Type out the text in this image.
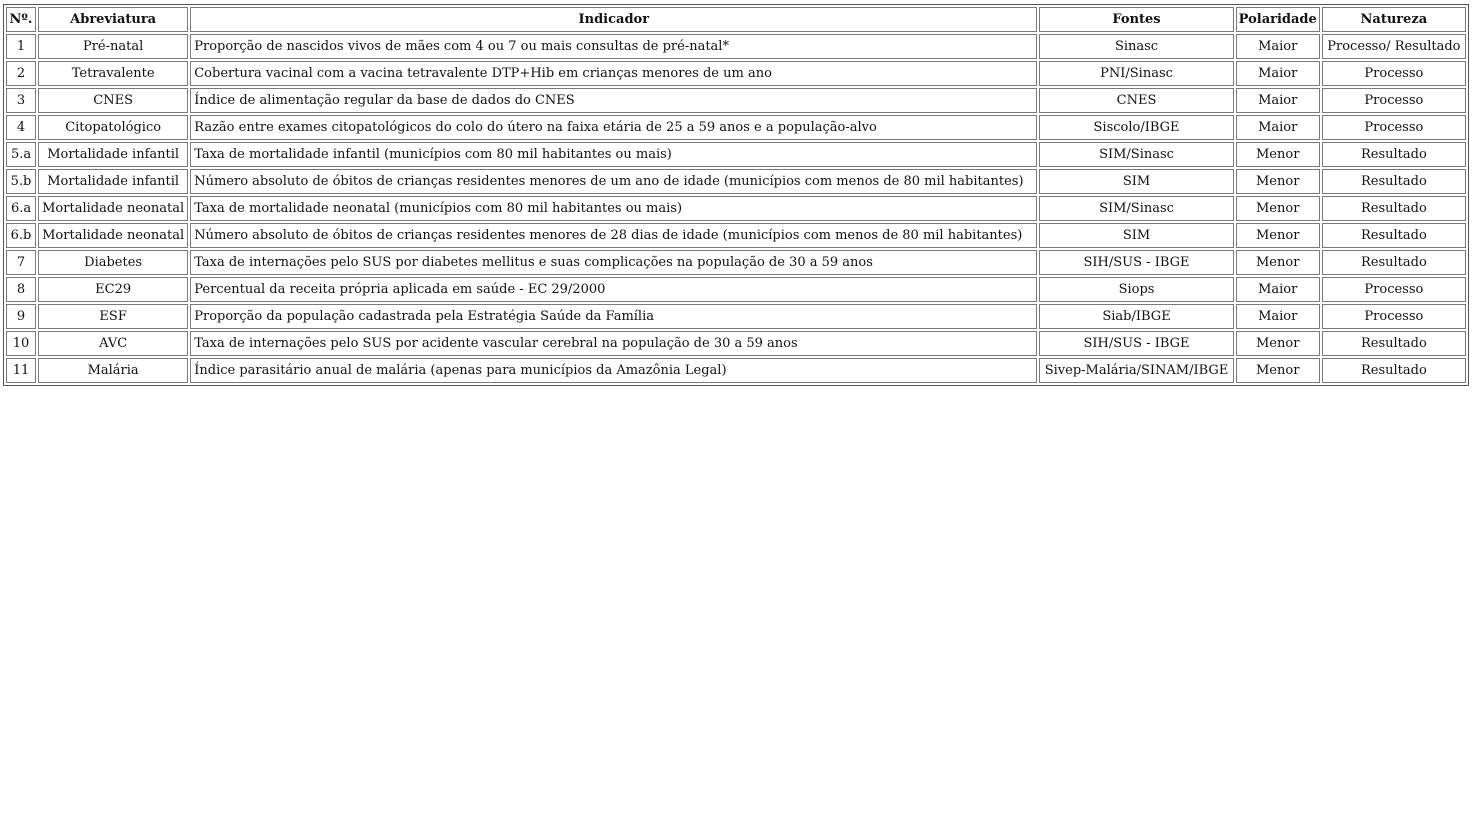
Nº.	Abreviatura	Indicador	Fontes	Polaridade	Natureza
1	Pré-natal	Proporção de nascidos vivos de mães com 4 ou 7 ou mais consultas de pré-natal*	Sinasc	Maior	Processo/ Resultado
2	Tetravalente	Cobertura vacinal com a vacina tetravalente DTP+Hib em crianças menores de um ano	PNI/Sinasc	Maior	Processo
3	CNES	Índice de alimentação regular da base de dados do CNES	CNES	Maior	Processo
4	Citopatológico	Razão entre exames citopatológicos do colo do útero na faixa etária de 25 a 59 anos e a população-alvo	Siscolo/IBGE	Maior	Processo
5.a	Mortalidade infantil	Taxa de mortalidade infantil (municípios com 80 mil habitantes ou mais)	SIM/Sinasc	Menor	Resultado
5.b	Mortalidade infantil	Número absoluto de óbitos de crianças residentes menores de um ano de idade (municípios com menos de 80 mil habitantes)	SIM	Menor	Resultado
6.a	Mortalidade neonatal	Taxa de mortalidade neonatal (municípios com 80 mil habitantes ou mais)	SIM/Sinasc	Menor	Resultado
6.b	Mortalidade neonatal	Número absoluto de óbitos de crianças residentes menores de 28 dias de idade (municípios com menos de 80 mil habitantes)	SIM	Menor	Resultado
7	Diabetes	Taxa de internações pelo SUS por diabetes mellitus e suas complicações na população de 30 a 59 anos	SIH/SUS - IBGE	Menor	Resultado
8	EC29	Percentual da receita própria aplicada em saúde - EC 29/2000	Siops	Maior	Processo
9	ESF	Proporção da população cadastrada pela Estratégia Saúde da Família	Siab/IBGE	Maior	Processo
10	AVC	Taxa de internações pelo SUS por acidente vascular cerebral na população de 30 a 59 anos	SIH/SUS - IBGE	Menor	Resultado
11	Malária	Índice parasitário anual de malária (apenas para municípios da Amazônia Legal)	Sivep-Malária/SINAM/IBGE	Menor	Resultado
